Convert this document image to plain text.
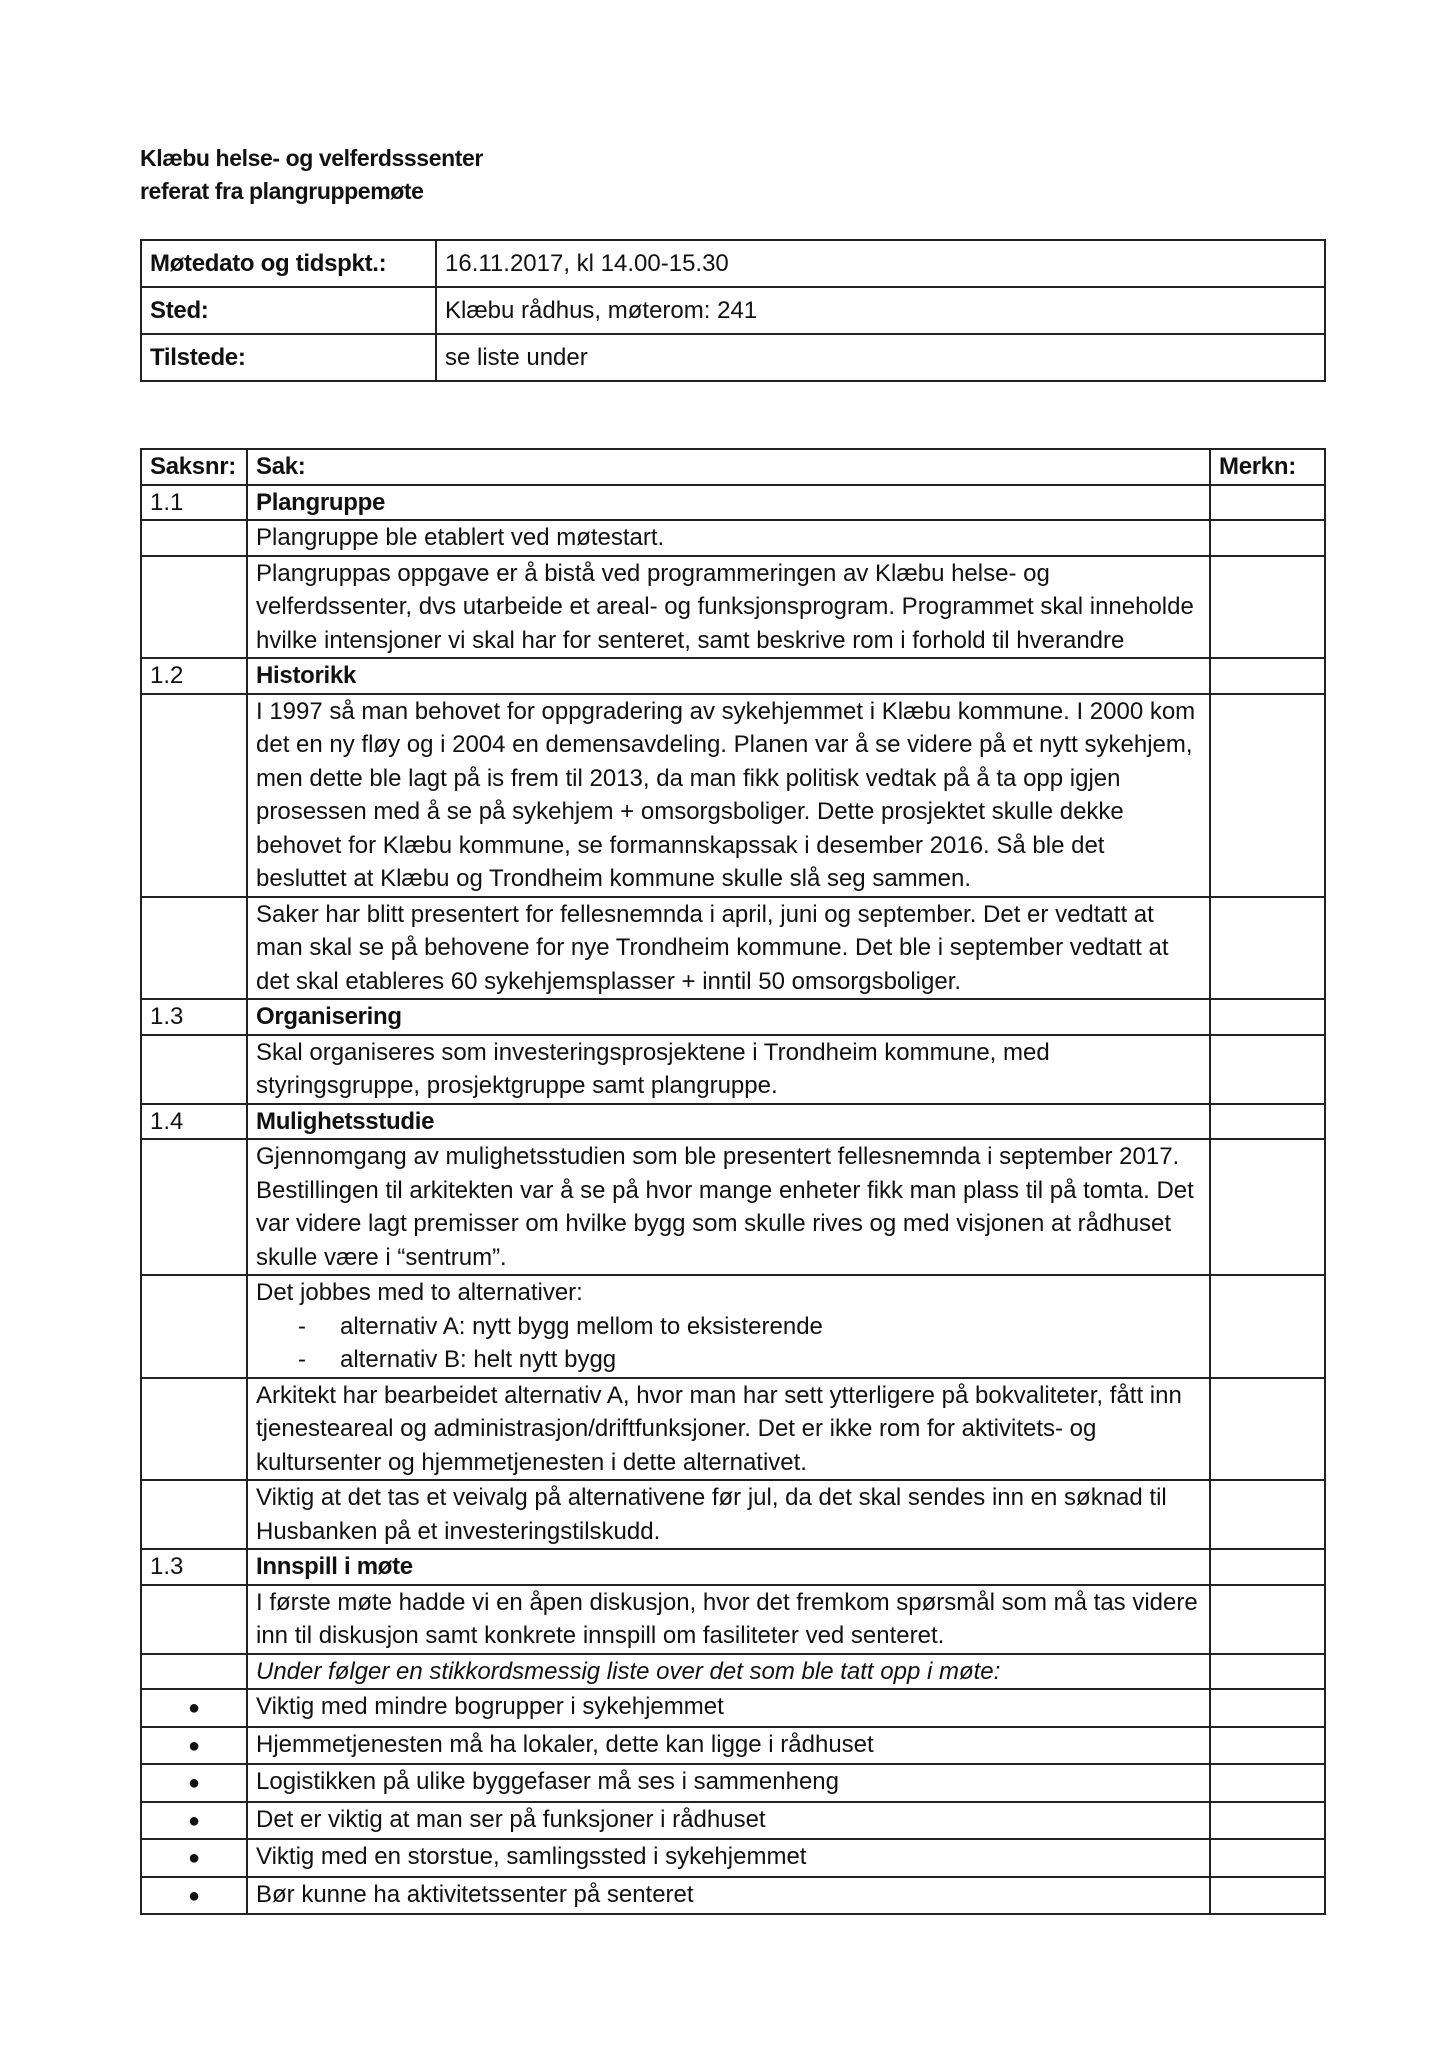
Klæbu helse- og velferdsssenter
referat fra plangruppemøte
Møtedato og tidspkt.:	16.11.2017, kl 14.00-15.30
Sted:	Klæbu rådhus, møterom: 241
Tilstede:	se liste under
Saksnr:	Sak:	Merkn:
1.1	Plangruppe	
	Plangruppe ble etablert ved møtestart.	
	Plangruppas oppgave er å bistå ved programmeringen av Klæbu helse- og velferdssenter, dvs utarbeide et areal- og funksjonsprogram. Programmet skal inneholde hvilke intensjoner vi skal har for senteret, samt beskrive rom i forhold til hverandre	
1.2	Historikk	
	I 1997 så man behovet for oppgradering av sykehjemmet i Klæbu kommune. I 2000 kom det en ny fløy og i 2004 en demensavdeling. Planen var å se videre på et nytt sykehjem, men dette ble lagt på is frem til 2013, da man fikk politisk vedtak på å ta opp igjen prosessen med å se på sykehjem + omsorgsboliger. Dette prosjektet skulle dekke behovet for Klæbu kommune, se formannskapssak i desember 2016. Så ble det besluttet at Klæbu og Trondheim kommune skulle slå seg sammen.	
	Saker har blitt presentert for fellesnemnda i april, juni og september. Det er vedtatt at man skal se på behovene for nye Trondheim kommune. Det ble i september vedtatt at det skal etableres 60 sykehjemsplasser + inntil 50 omsorgsboliger.	
1.3	Organisering	
	Skal organiseres som investeringsprosjektene i Trondheim kommune, med styringsgruppe, prosjektgruppe samt plangruppe.	
1.4	Mulighetsstudie	
	Gjennomgang av mulighetsstudien som ble presentert fellesnemnda i september 2017. Bestillingen til arkitekten var å se på hvor mange enheter fikk man plass til på tomta. Det var videre lagt premisser om hvilke bygg som skulle rives og med visjonen at rådhuset skulle være i “sentrum”.	
	Det jobbes med to alternativer:
- alternativ A: nytt bygg mellom to eksisterende
- alternativ B: helt nytt bygg	

	Arkitekt har bearbeidet alternativ A, hvor man har sett ytterligere på bokvaliteter, fått inn tjenesteareal og administrasjon/driftfunksjoner. Det er ikke rom for aktivitets- og kultursenter og hjemmetjenesten i dette alternativet.	
	Viktig at det tas et veivalg på alternativene før jul, da det skal sendes inn en søknad til Husbanken på et investeringstilskudd.	
1.3	Innspill i møte	
	I første møte hadde vi en åpen diskusjon, hvor det fremkom spørsmål som må tas videre inn til diskusjon samt konkrete innspill om fasiliteter ved senteret.	
	Under følger en stikkordsmessig liste over det som ble tatt opp i møte:	
●	Viktig med mindre bogrupper i sykehjemmet	
●	Hjemmetjenesten må ha lokaler, dette kan ligge i rådhuset	
●	Logistikken på ulike byggefaser må ses i sammenheng	
●	Det er viktig at man ser på funksjoner i rådhuset	
●	Viktig med en storstue, samlingssted i sykehjemmet	
●	Bør kunne ha aktivitetssenter på senteret	
